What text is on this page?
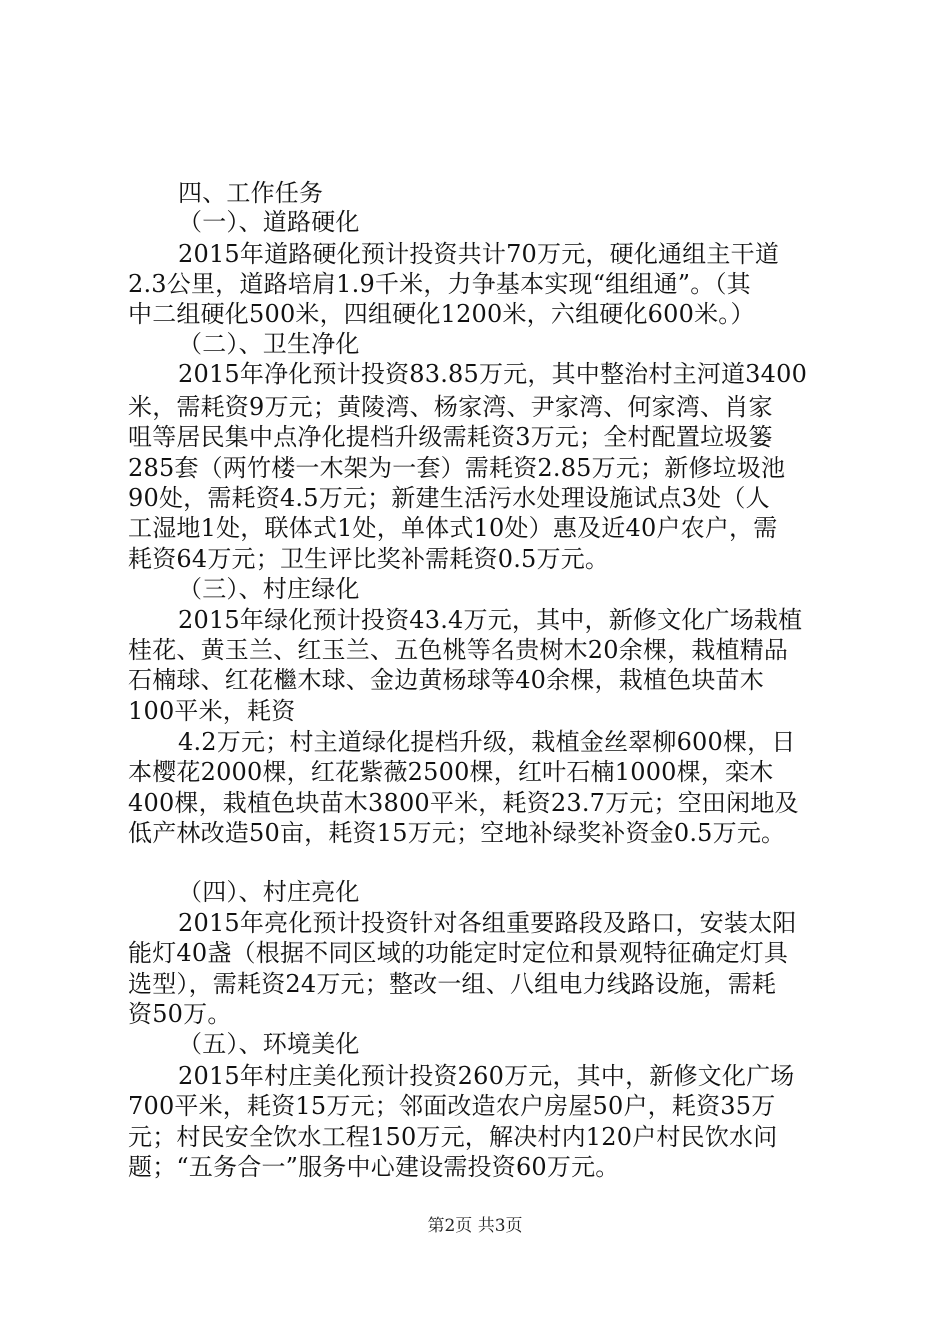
四、工作任务
（一）、道路硬化
2015年道路硬化预计投资共计70万元，硬化通组主干道
2.3公里，道路培肩1.9千米，力争基本实现“组组通”。（其
中二组硬化500米，四组硬化1200米，六组硬化600米。）
（二）、卫生净化
2015年净化预计投资83.85万元，其中整治村主河道3400
米，需耗资9万元；黄陵湾、杨家湾、尹家湾、何家湾、肖家
咀等居民集中点净化提档升级需耗资3万元；全村配置垃圾篓
285套（两竹楼一木架为一套）需耗资2.85万元；新修垃圾池
90处，需耗资4.5万元；新建生活污水处理设施试点3处（人
工湿地1处，联体式1处，单体式10处）惠及近40户农户，需
耗资64万元；卫生评比奖补需耗资0.5万元。
（三）、村庄绿化
2015年绿化预计投资43.4万元，其中，新修文化广场栽植
桂花、黄玉兰、红玉兰、五色桃等名贵树木20余棵，栽植精品
石楠球、红花檵木球、金边黄杨球等40余棵，栽植色块苗木
100平米，耗资
4.2万元；村主道绿化提档升级，栽植金丝翠柳600棵，日
本樱花2000棵，红花紫薇2500棵，红叶石楠1000棵，栾木
400棵，栽植色块苗木3800平米，耗资23.7万元；空田闲地及
低产林改造50亩，耗资15万元；空地补绿奖补资金0.5万元。
（四）、村庄亮化
2015年亮化预计投资针对各组重要路段及路口，安装太阳
能灯40盏（根据不同区域的功能定时定位和景观特征确定灯具
选型），需耗资24万元；整改一组、八组电力线路设施，需耗
资50万。
（五）、环境美化
2015年村庄美化预计投资260万元，其中，新修文化广场
700平米，耗资15万元；邻面改造农户房屋50户，耗资35万
元；村民安全饮水工程150万元，解决村内120户村民饮水问
题；“五务合一”服务中心建设需投资60万元。
第2页 共3页
